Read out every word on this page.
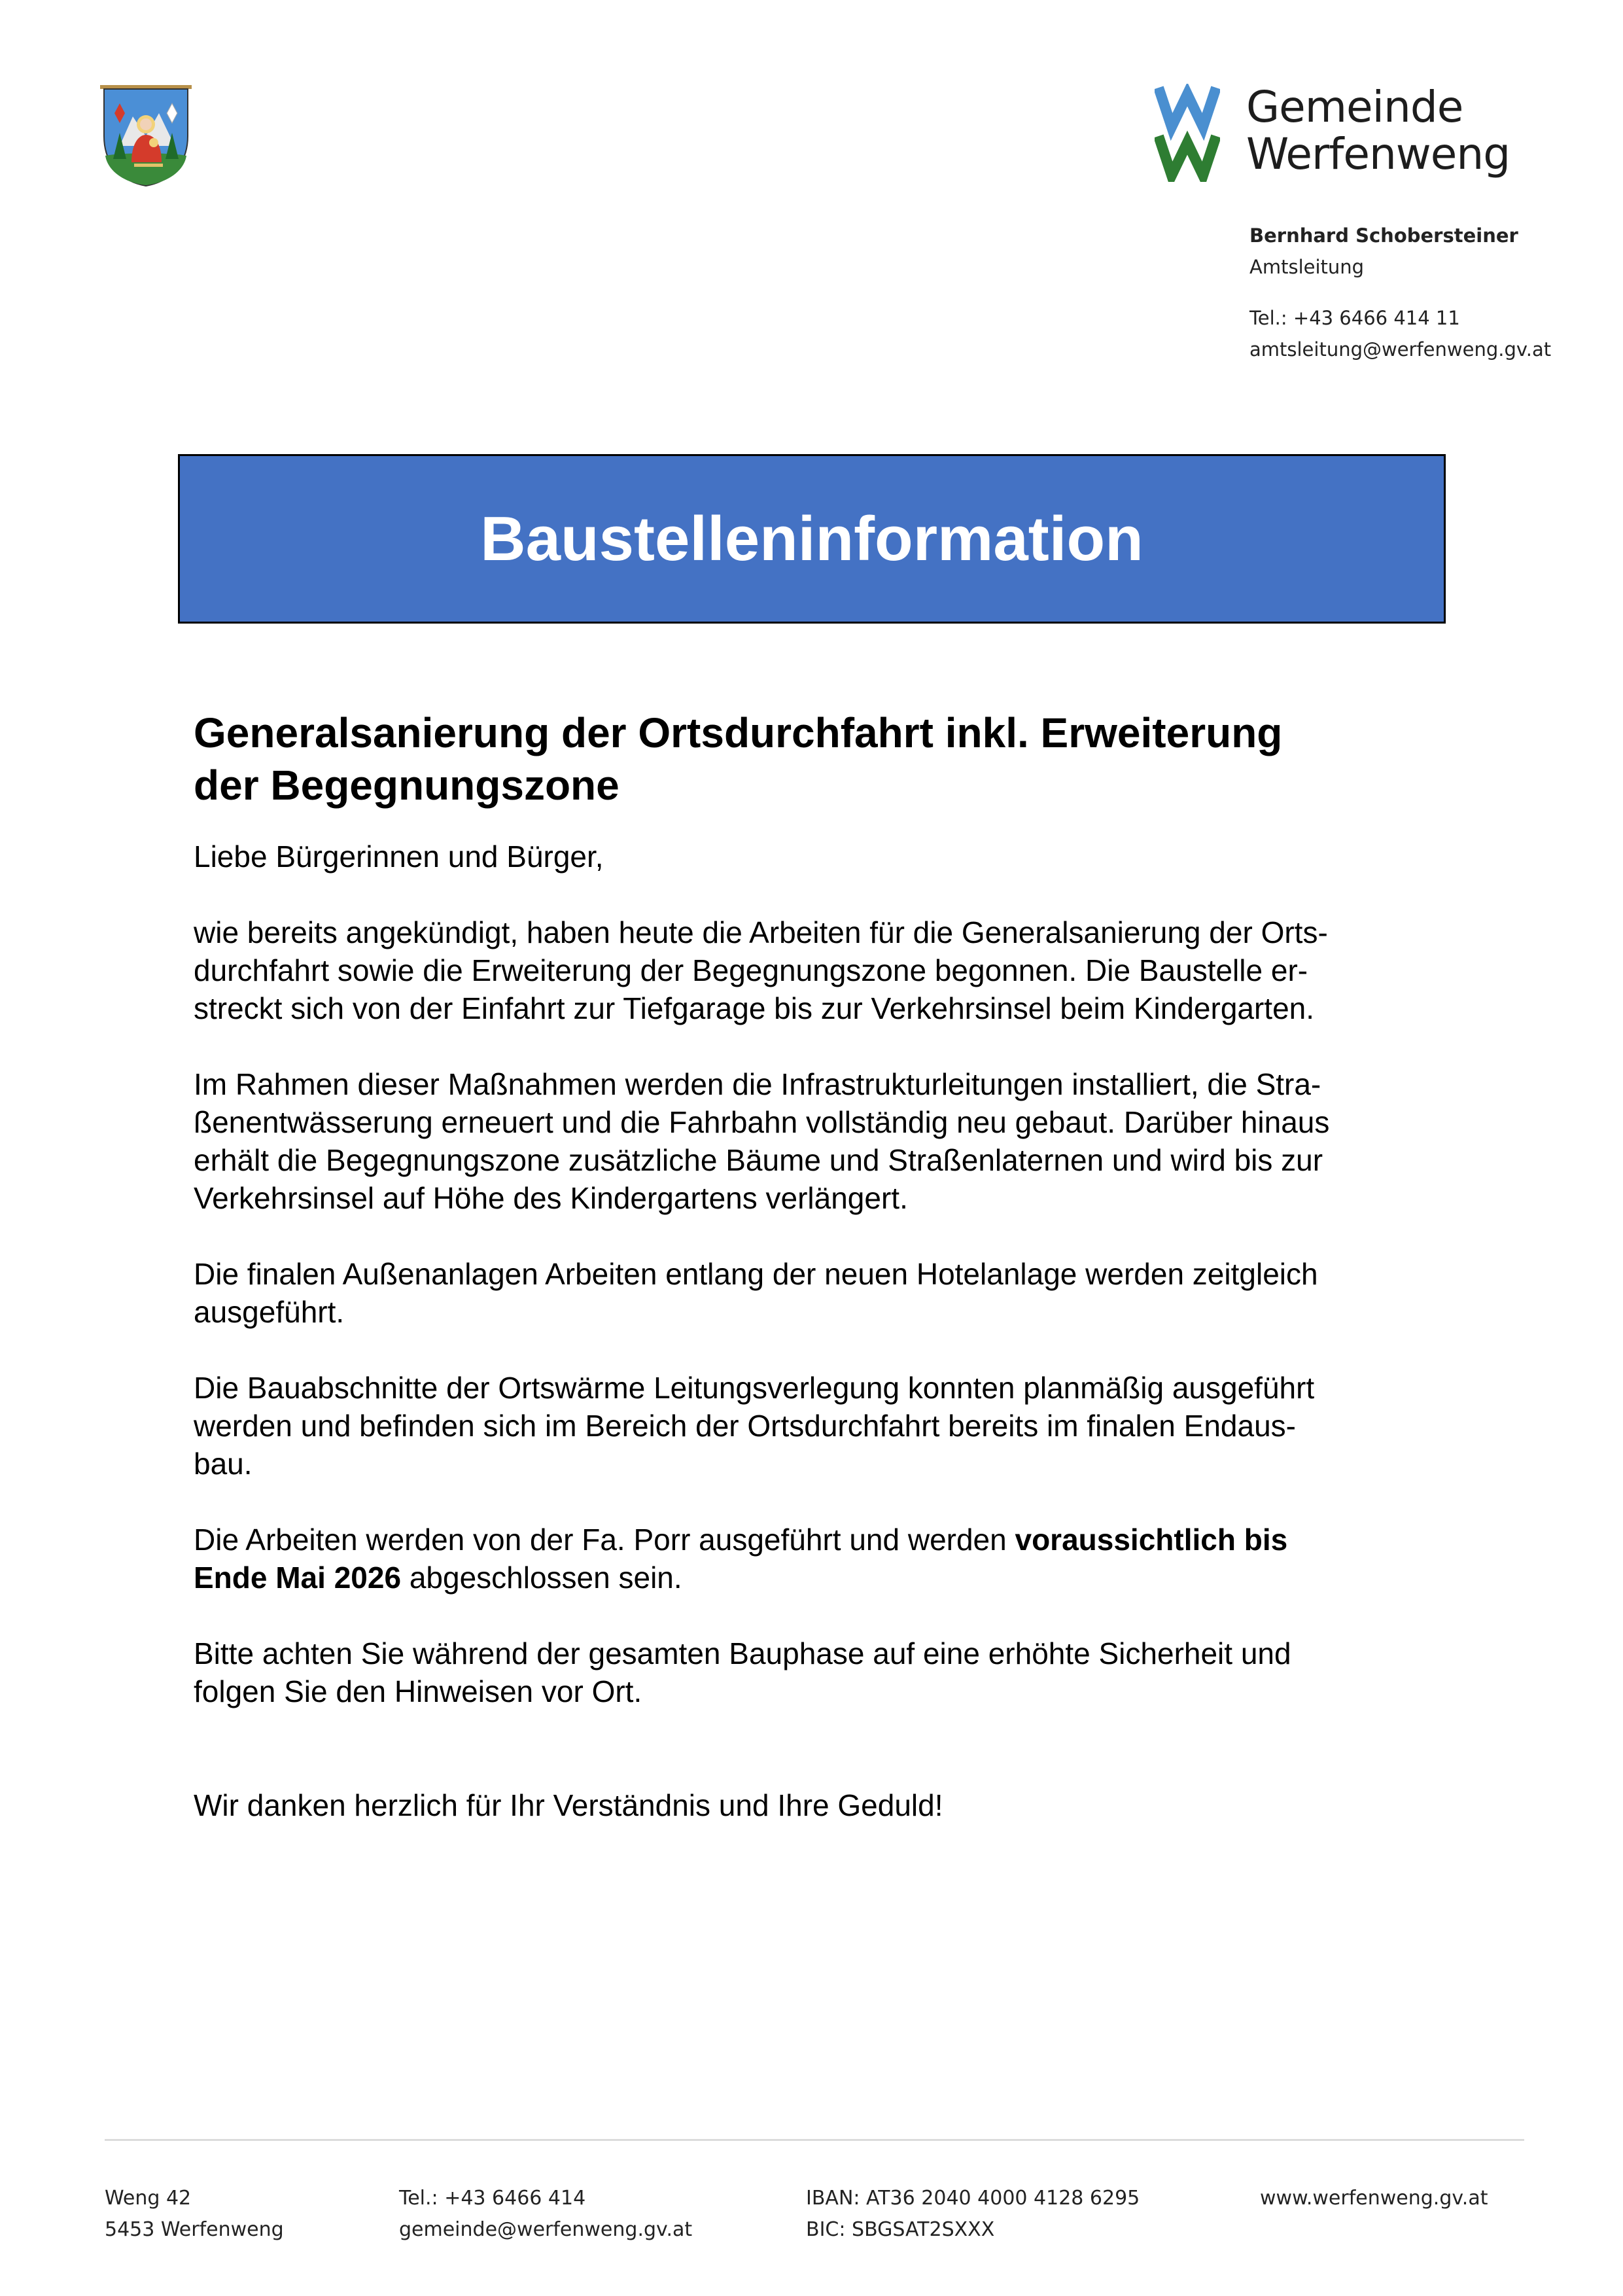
Gemeinde
Werfenweng
Bernhard Schobersteiner
Amtsleitung
Tel.: +43 6466 414 11
amtsleitung@werfenweng.gv.at
Baustelleninformation
Generalsanierung der Ortsdurchfahrt inkl. Erweiterung
der Begegnungszone

Liebe Bürgerinnen und Bürger,

wie bereits angekündigt, haben heute die Arbeiten für die Generalsanierung der Orts-

durchfahrt sowie die Erweiterung der Begegnungszone begonnen. Die Baustelle er-

streckt sich von der Einfahrt zur Tiefgarage bis zur Verkehrsinsel beim Kindergarten.

Im Rahmen dieser Maßnahmen werden die Infrastrukturleitungen installiert, die Stra-

ßenentwässerung erneuert und die Fahrbahn vollständig neu gebaut. Darüber hinaus

erhält die Begegnungszone zusätzliche Bäume und Straßenlaternen und wird bis zur

Verkehrsinsel auf Höhe des Kindergartens verlängert.

Die finalen Außenanlagen Arbeiten entlang der neuen Hotelanlage werden zeitgleich

ausgeführt.

Die Bauabschnitte der Ortswärme Leitungsverlegung konnten planmäßig ausgeführt

werden und befinden sich im Bereich der Ortsdurchfahrt bereits im finalen Endaus-

bau.

Die Arbeiten werden von der Fa. Porr ausgeführt und werden voraussichtlich bis

Ende Mai 2026 abgeschlossen sein.

Bitte achten Sie während der gesamten Bauphase auf eine erhöhte Sicherheit und

folgen Sie den Hinweisen vor Ort.

Wir danken herzlich für Ihr Verständnis und Ihre Geduld!

Weng 42
5453 Werfenweng
Tel.: +43 6466 414
gemeinde@werfenweng.gv.at
IBAN: AT36 2040 4000 4128 6295
BIC: SBGSAT2SXXX
www.werfenweng.gv.at
